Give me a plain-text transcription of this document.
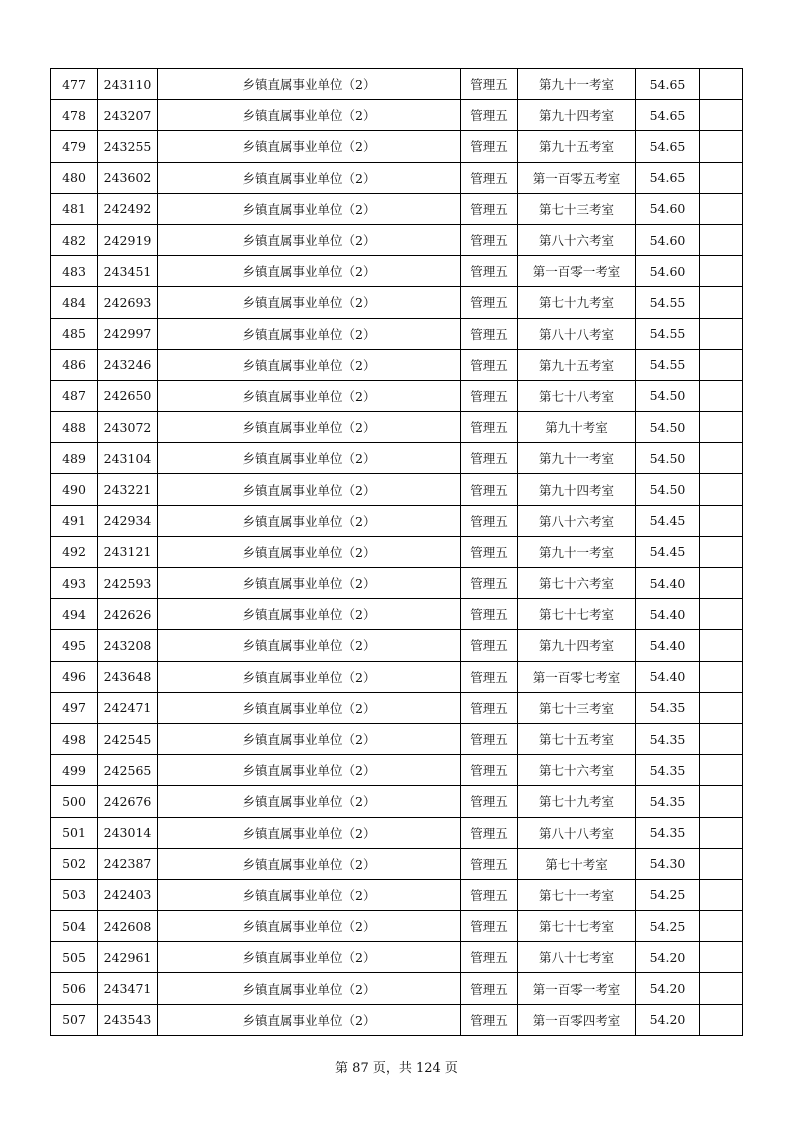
477	243110	乡镇直属事业单位（2）	管理五	第九十一考室	54.65	
478	243207	乡镇直属事业单位（2）	管理五	第九十四考室	54.65	
479	243255	乡镇直属事业单位（2）	管理五	第九十五考室	54.65	
480	243602	乡镇直属事业单位（2）	管理五	第一百零五考室	54.65	
481	242492	乡镇直属事业单位（2）	管理五	第七十三考室	54.60	
482	242919	乡镇直属事业单位（2）	管理五	第八十六考室	54.60	
483	243451	乡镇直属事业单位（2）	管理五	第一百零一考室	54.60	
484	242693	乡镇直属事业单位（2）	管理五	第七十九考室	54.55	
485	242997	乡镇直属事业单位（2）	管理五	第八十八考室	54.55	
486	243246	乡镇直属事业单位（2）	管理五	第九十五考室	54.55	
487	242650	乡镇直属事业单位（2）	管理五	第七十八考室	54.50	
488	243072	乡镇直属事业单位（2）	管理五	第九十考室	54.50	
489	243104	乡镇直属事业单位（2）	管理五	第九十一考室	54.50	
490	243221	乡镇直属事业单位（2）	管理五	第九十四考室	54.50	
491	242934	乡镇直属事业单位（2）	管理五	第八十六考室	54.45	
492	243121	乡镇直属事业单位（2）	管理五	第九十一考室	54.45	
493	242593	乡镇直属事业单位（2）	管理五	第七十六考室	54.40	
494	242626	乡镇直属事业单位（2）	管理五	第七十七考室	54.40	
495	243208	乡镇直属事业单位（2）	管理五	第九十四考室	54.40	
496	243648	乡镇直属事业单位（2）	管理五	第一百零七考室	54.40	
497	242471	乡镇直属事业单位（2）	管理五	第七十三考室	54.35	
498	242545	乡镇直属事业单位（2）	管理五	第七十五考室	54.35	
499	242565	乡镇直属事业单位（2）	管理五	第七十六考室	54.35	
500	242676	乡镇直属事业单位（2）	管理五	第七十九考室	54.35	
501	243014	乡镇直属事业单位（2）	管理五	第八十八考室	54.35	
502	242387	乡镇直属事业单位（2）	管理五	第七十考室	54.30	
503	242403	乡镇直属事业单位（2）	管理五	第七十一考室	54.25	
504	242608	乡镇直属事业单位（2）	管理五	第七十七考室	54.25	
505	242961	乡镇直属事业单位（2）	管理五	第八十七考室	54.20	
506	243471	乡镇直属事业单位（2）	管理五	第一百零一考室	54.20	
507	243543	乡镇直属事业单位（2）	管理五	第一百零四考室	54.20	
第 87 页，共 124 页
